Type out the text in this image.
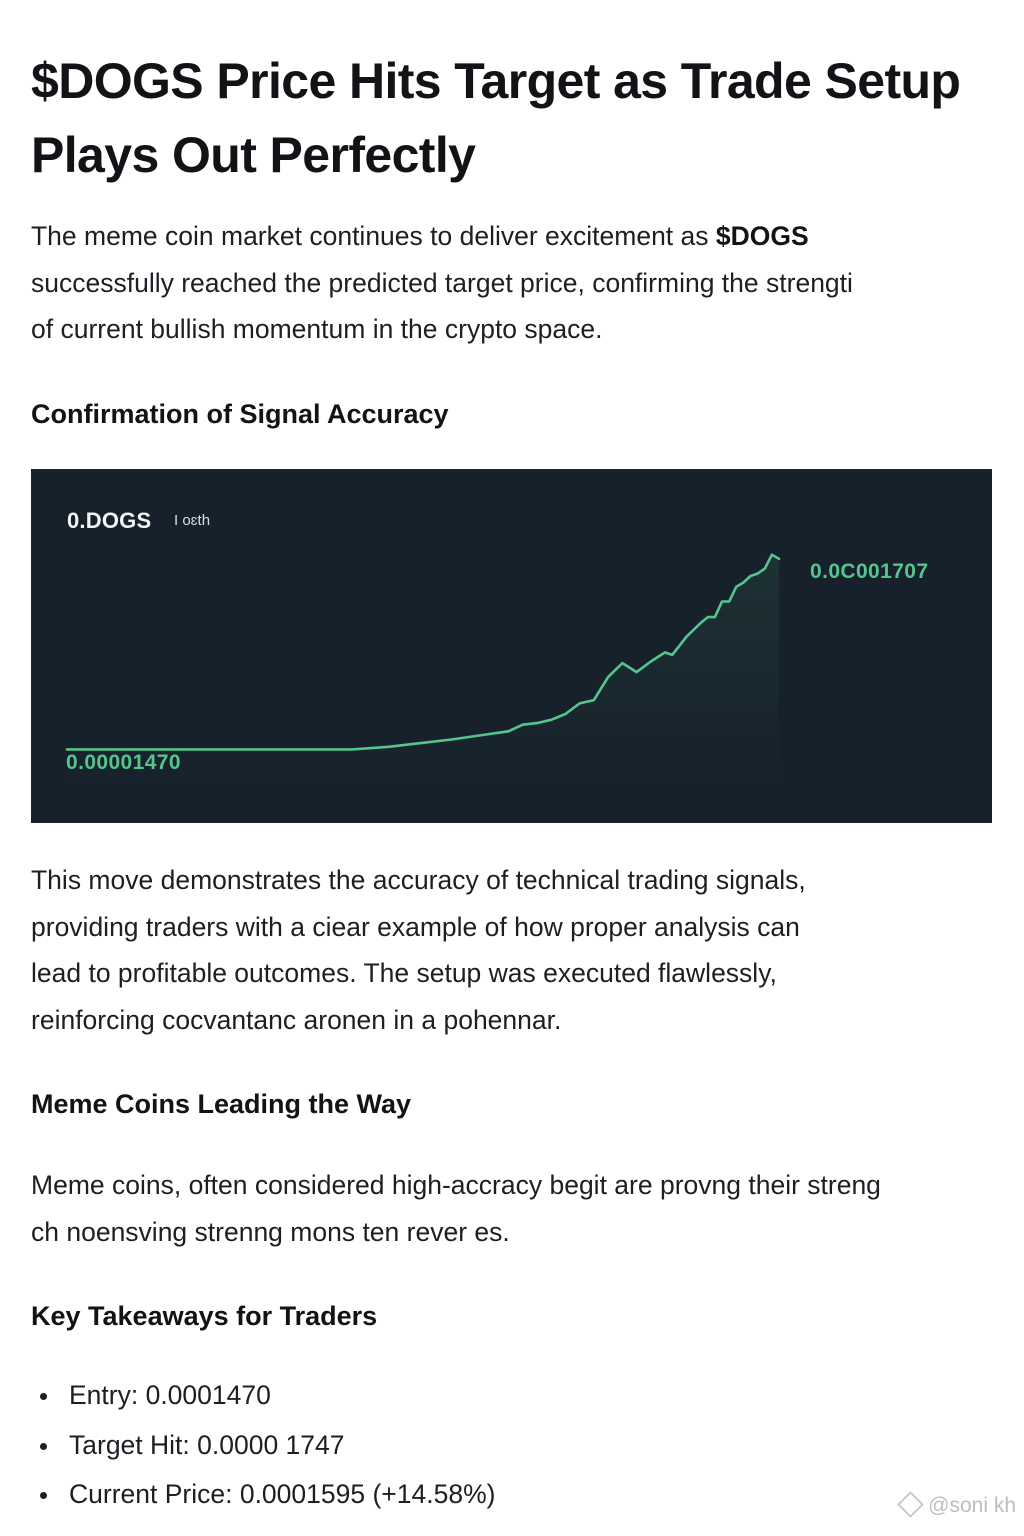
$DOGS Price Hits Target as Trade Setup Plays Out Perfectly

The meme coin market continues to deliver excitement as $DOGS
successfully reached the predicted target price, confirming the strengti
of current bullish momentum in the crypto space.

Confirmation of Signal Accuracy
0.DOGS I oɛth
0.0C001707
0.00001470

This move demonstrates the accuracy of technical trading signals,
providing traders with a ciear example of how proper analysis can
lead to profitable outcomes. The setup was executed flawlessly,
reinforcing cocvantanc aronen in a pohennar.

Meme Coins Leading the Way

Meme coins, often considered high-accracy begit are provng their streng
ch noensving strenng mons ten rever es.

Key Takeaways for Traders
Entry: 0.0001470
Target Hit: 0.0000 1747
Current Price: 0.0001595 (+14.58%)	@soni kh
